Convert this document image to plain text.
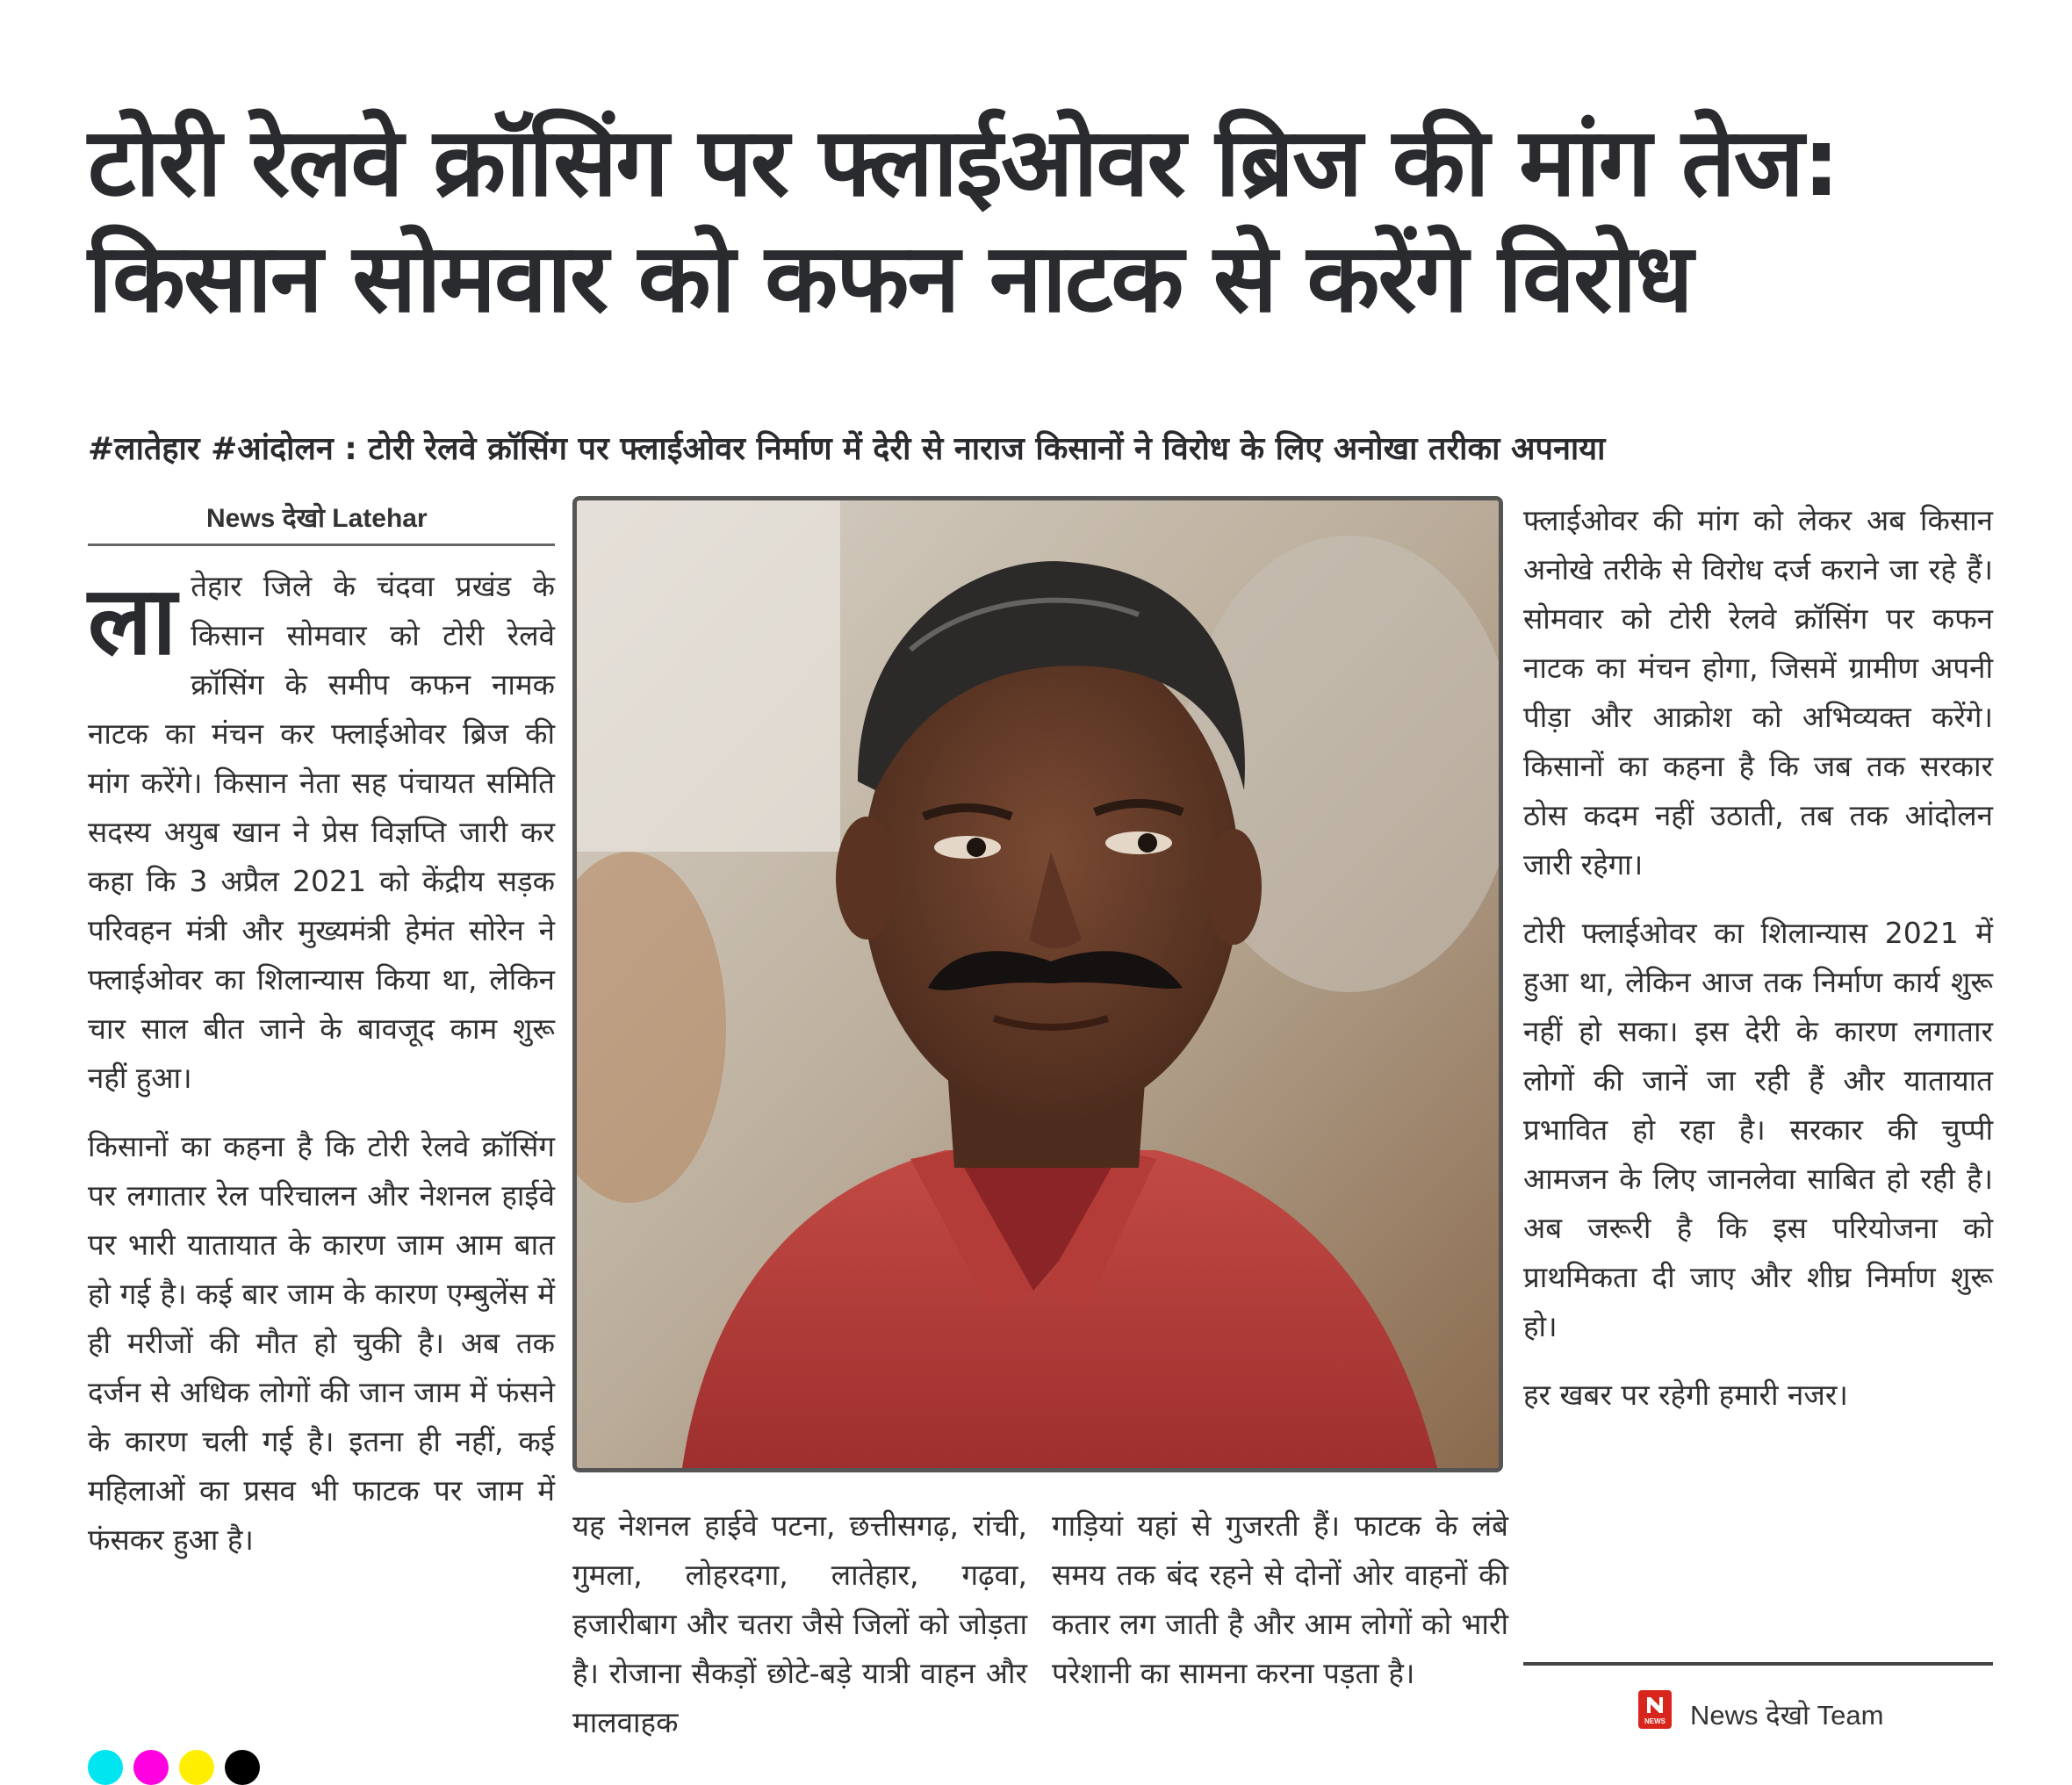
टोरी रेलवे क्रॉसिंग पर फ्लाईओवर ब्रिज की मांग तेज: किसान सोमवार को कफन नाटक से करेंगे विरोध
#लातेहार #आंदोलन : टोरी रेलवे क्रॉसिंग पर फ्लाईओवर निर्माण में देरी से नाराज किसानों ने विरोध के लिए अनोखा तरीका अपनाया
News देखो Latehar

लातेहार जिले के चंदवा प्रखंड के किसान सोमवार को टोरी रेलवे क्रॉसिंग के समीप कफन नामक नाटक का मंचन कर फ्लाईओवर ब्रिज की मांग करेंगे। किसान नेता सह पंचायत समिति सदस्य अयुब खान ने प्रेस विज्ञप्ति जारी कर कहा कि 3 अप्रैल 2021 को केंद्रीय सड़क परिवहन मंत्री और मुख्यमंत्री हेमंत सोरेन ने फ्लाईओवर का शिलान्यास किया था, लेकिन चार साल बीत जाने के बावजूद काम शुरू नहीं हुआ।

किसानों का कहना है कि टोरी रेलवे क्रॉसिंग पर लगातार रेल परिचालन और नेशनल हाईवे पर भारी यातायात के कारण जाम आम बात हो गई है। कई बार जाम के कारण एम्बुलेंस में ही मरीजों की मौत हो चुकी है। अब तक दर्जन से अधिक लोगों की जान जाम में फंसने के कारण चली गई है। इतना ही नहीं, कई महिलाओं का प्रसव भी फाटक पर जाम में फंसकर हुआ है।	यह नेशनल हाईवे पटना, छत्तीसगढ़, रांची, गुमला, लोहरदगा, लातेहार, गढ़वा, हजारीबाग और चतरा जैसे जिलों को जोड़ता है। रोजाना सैकड़ों छोटे-बड़े यात्री वाहन और मालवाहक

गाड़ियां यहां से गुजरती हैं। फाटक के लंबे समय तक बंद रहने से दोनों ओर वाहनों की कतार लग जाती है और आम लोगों को भारी परेशानी का सामना करना पड़ता है।

फ्लाईओवर की मांग को लेकर अब किसान अनोखे तरीके से विरोध दर्ज कराने जा रहे हैं। सोमवार को टोरी रेलवे क्रॉसिंग पर कफन नाटक का मंचन होगा, जिसमें ग्रामीण अपनी पीड़ा और आक्रोश को अभिव्यक्त करेंगे। किसानों का कहना है कि जब तक सरकार ठोस कदम नहीं उठाती, तब तक आंदोलन जारी रहेगा।

टोरी फ्लाईओवर का शिलान्यास 2021 में हुआ था, लेकिन आज तक निर्माण कार्य शुरू नहीं हो सका। इस देरी के कारण लगातार लोगों की जानें जा रही हैं और यातायात प्रभावित हो रहा है। सरकार की चुप्पी आमजन के लिए जानलेवा साबित हो रही है। अब जरूरी है कि इस परियोजना को प्राथमिकता दी जाए और शीघ्र निर्माण शुरू हो।

हर खबर पर रहेगी हमारी नजर।

NEWS News देखो Team
